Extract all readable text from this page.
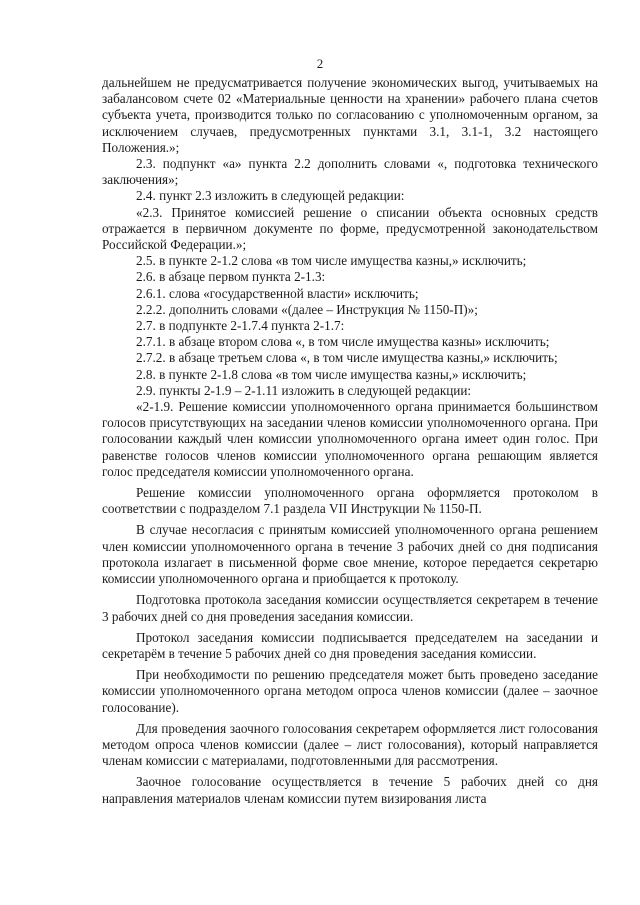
2

дальнейшем не предусматривается получение экономических выгод, учитываемых на забалансовом счете 02 «Материальные ценности на хранении» рабочего плана счетов субъекта учета, производится только по согласованию с уполномоченным органом, за исключением случаев, предусмотренных пунктами 3.1, 3.1-1, 3.2 настоящего Положения.»;

2.3. подпункт «а» пункта 2.2 дополнить словами «, подготовка технического заключения»;

2.4. пункт 2.3 изложить в следующей редакции:

«2.3. Принятое комиссией решение о списании объекта основных средств отражается в первичном документе по форме, предусмотренной законодательством Российской Федерации.»;

2.5. в пункте 2-1.2 слова «в том числе имущества казны,» исключить;

2.6. в абзаце первом пункта 2-1.3:

2.6.1. слова «государственной власти» исключить;

2.2.2. дополнить словами «(далее – Инструкция № 1150-П)»;

2.7. в подпункте 2-1.7.4 пункта 2-1.7:

2.7.1. в абзаце втором слова «, в том числе имущества казны» исключить;

2.7.2. в абзаце третьем слова «, в том числе имущества казны,» исключить;

2.8. в пункте 2-1.8 слова «в том числе имущества казны,» исключить;

2.9. пункты 2-1.9 – 2-1.11 изложить в следующей редакции:

«2-1.9. Решение комиссии уполномоченного органа принимается большинством голосов присутствующих на заседании членов комиссии уполномоченного органа. При голосовании каждый член комиссии уполномоченного органа имеет один голос. При равенстве голосов членов комиссии уполномоченного органа решающим является голос председателя комиссии уполномоченного органа.

Решение комиссии уполномоченного органа оформляется протоколом в соответствии с подразделом 7.1 раздела VII Инструкции № 1150-П.

В случае несогласия с принятым комиссией уполномоченного органа решением член комиссии уполномоченного органа в течение 3 рабочих дней со дня подписания протокола излагает в письменной форме свое мнение, которое передается секретарю комиссии уполномоченного органа и приобщается к протоколу.

Подготовка протокола заседания комиссии осуществляется секретарем в течение 3 рабочих дней со дня проведения заседания комиссии.

Протокол заседания комиссии подписывается председателем на заседании и секретарём в течение 5 рабочих дней со дня проведения заседания комиссии.

При необходимости по решению председателя может быть проведено заседание комиссии уполномоченного органа методом опроса членов комиссии (далее – заочное голосование).

Для проведения заочного голосования секретарем оформляется лист голосования методом опроса членов комиссии (далее – лист голосования), который направляется членам комиссии с материалами, подготовленными для рассмотрения.

Заочное голосование осуществляется в течение 5 рабочих дней со дня направления материалов членам комиссии путем визирования листа
